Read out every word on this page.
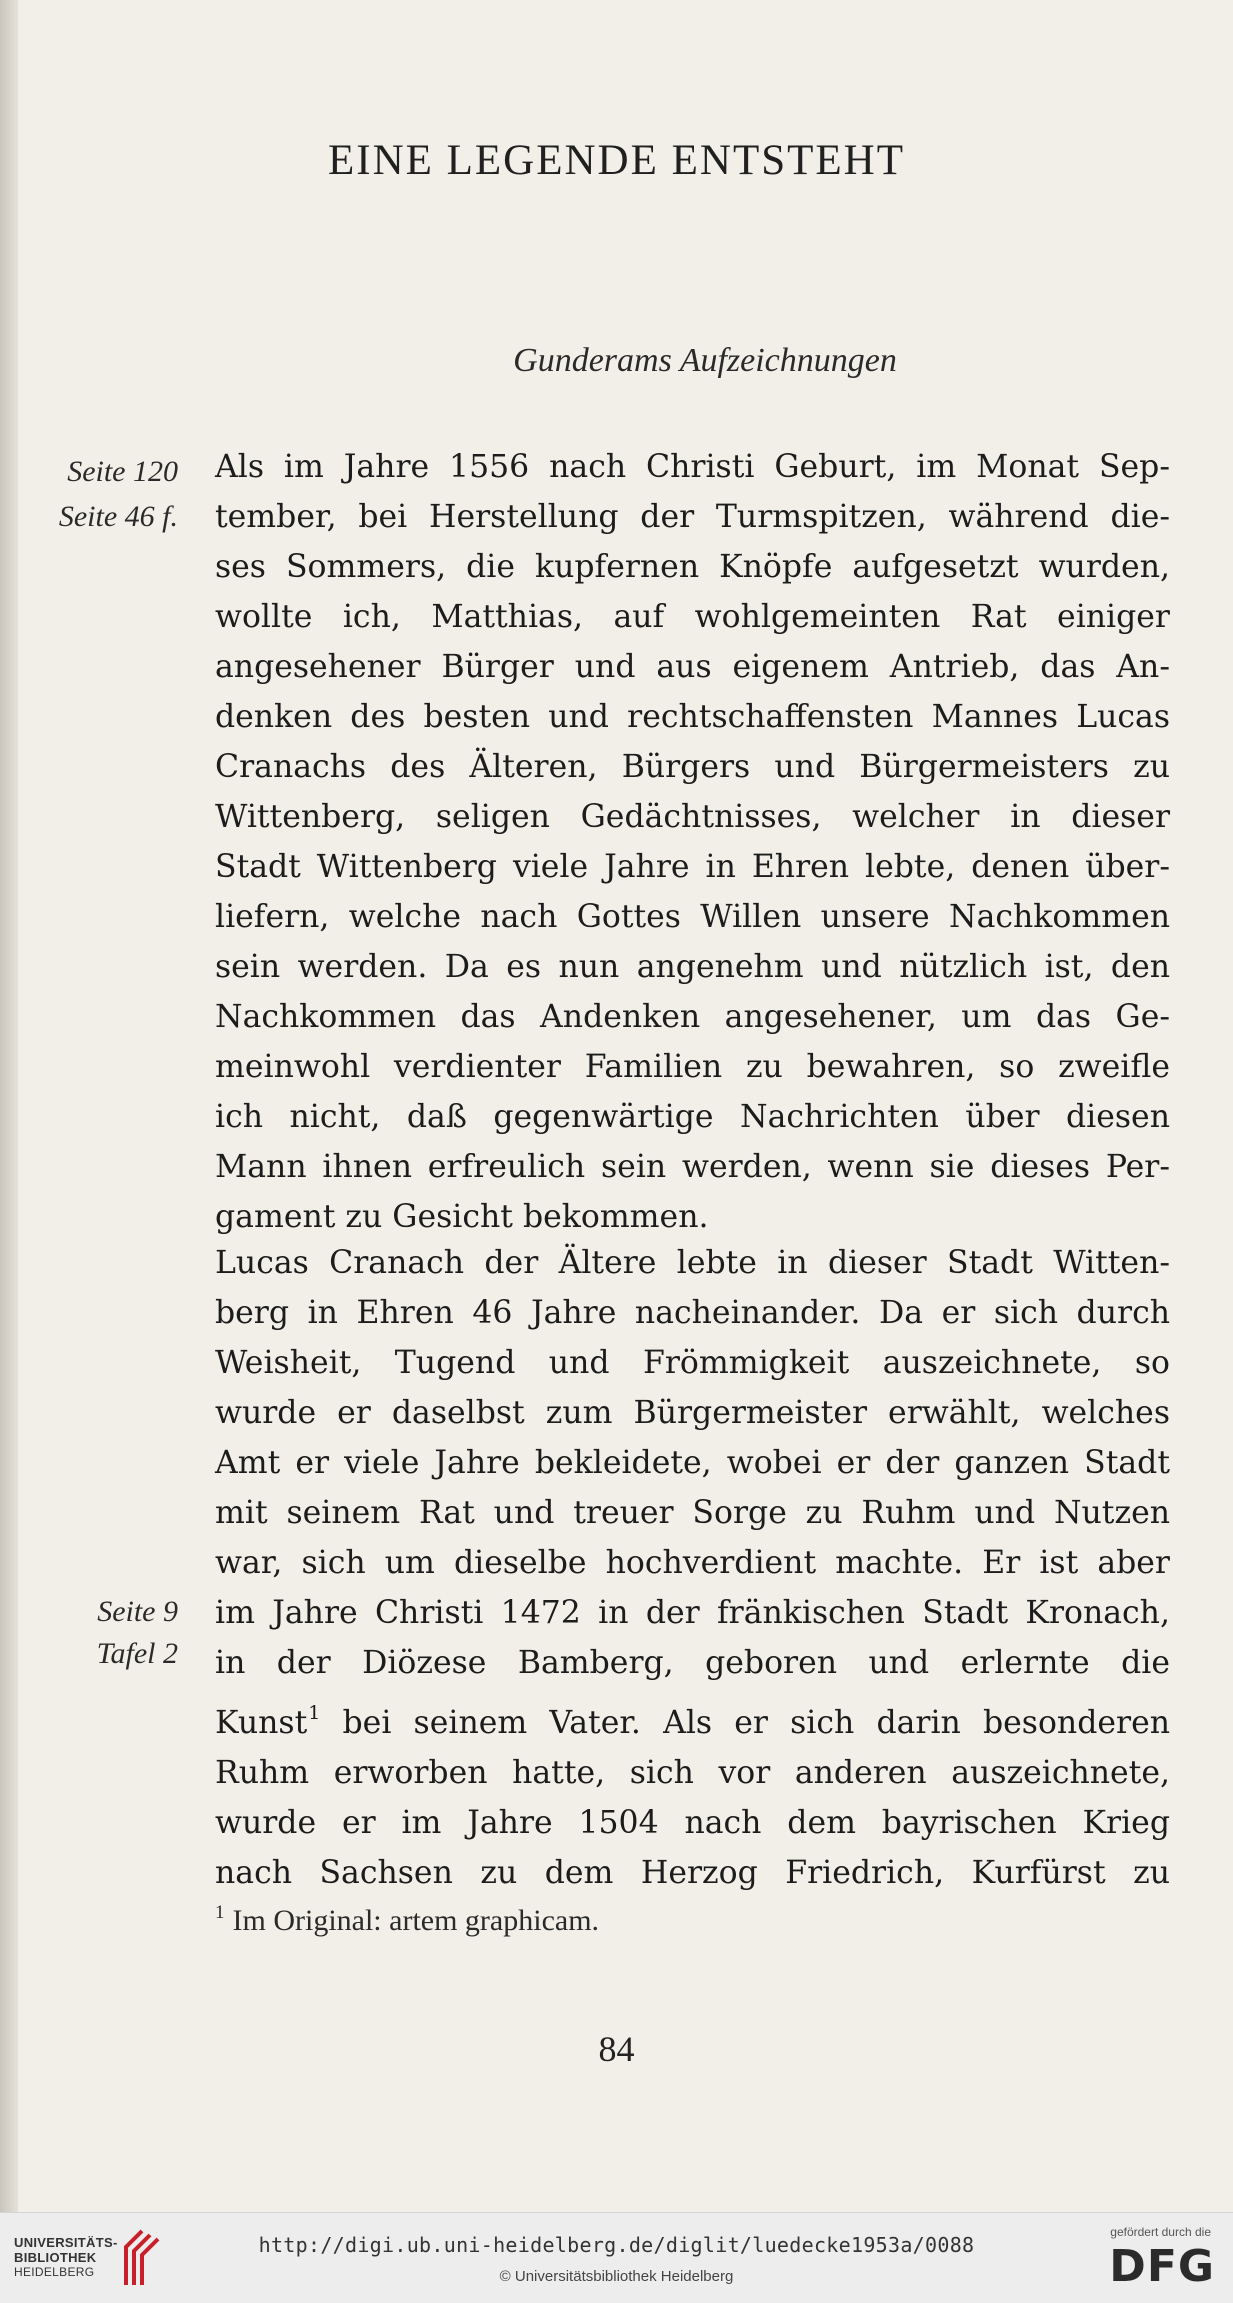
EINE LEGENDE ENTSTEHT
Gunderams Aufzeichnungen
Seite 120
Seite 46 f.
Seite 9
Tafel 2
Als im Jahre 1556 nach Christi Geburt, im Monat Sep-
tember, bei Herstellung der Turmspitzen, während die-
ses Sommers, die kupfernen Knöpfe aufgesetzt wurden,
wollte ich, Matthias, auf wohlgemeinten Rat einiger
angesehener Bürger und aus eigenem Antrieb, das An-
denken des besten und rechtschaffensten Mannes Lucas
Cranachs des Älteren, Bürgers und Bürgermeisters zu
Wittenberg, seligen Gedächtnisses, welcher in dieser
Stadt Wittenberg viele Jahre in Ehren lebte, denen über-
liefern, welche nach Gottes Willen unsere Nachkommen
sein werden. Da es nun angenehm und nützlich ist, den
Nachkommen das Andenken angesehener, um das Ge-
meinwohl verdienter Familien zu bewahren, so zweifle
ich nicht, daß gegenwärtige Nachrichten über diesen
Mann ihnen erfreulich sein werden, wenn sie dieses Per-
gament zu Gesicht bekommen.
Lucas Cranach der Ältere lebte in dieser Stadt Witten-
berg in Ehren 46 Jahre nacheinander. Da er sich durch
Weisheit, Tugend und Frömmigkeit auszeichnete, so
wurde er daselbst zum Bürgermeister erwählt, welches
Amt er viele Jahre bekleidete, wobei er der ganzen Stadt
mit seinem Rat und treuer Sorge zu Ruhm und Nutzen
war, sich um dieselbe hochverdient machte. Er ist aber
im Jahre Christi 1472 in der fränkischen Stadt Kronach,
in der Diözese Bamberg, geboren und erlernte die
Kunst$^1$ bei seinem Vater. Als er sich darin besonderen
Ruhm erworben hatte, sich vor anderen auszeichnete,
wurde er im Jahre 1504 nach dem bayrischen Krieg
nach Sachsen zu dem Herzog Friedrich, Kurfürst zu
$^1$ Im Original: artem graphicam.
84
UNIVERSITÄTS-
BIBLIOTHEK
HEIDELBERG
http://digi.ub.uni-heidelberg.de/diglit/luedecke1953a/0088
© Universitätsbibliothek Heidelberg
gefördert durch die
DFG
